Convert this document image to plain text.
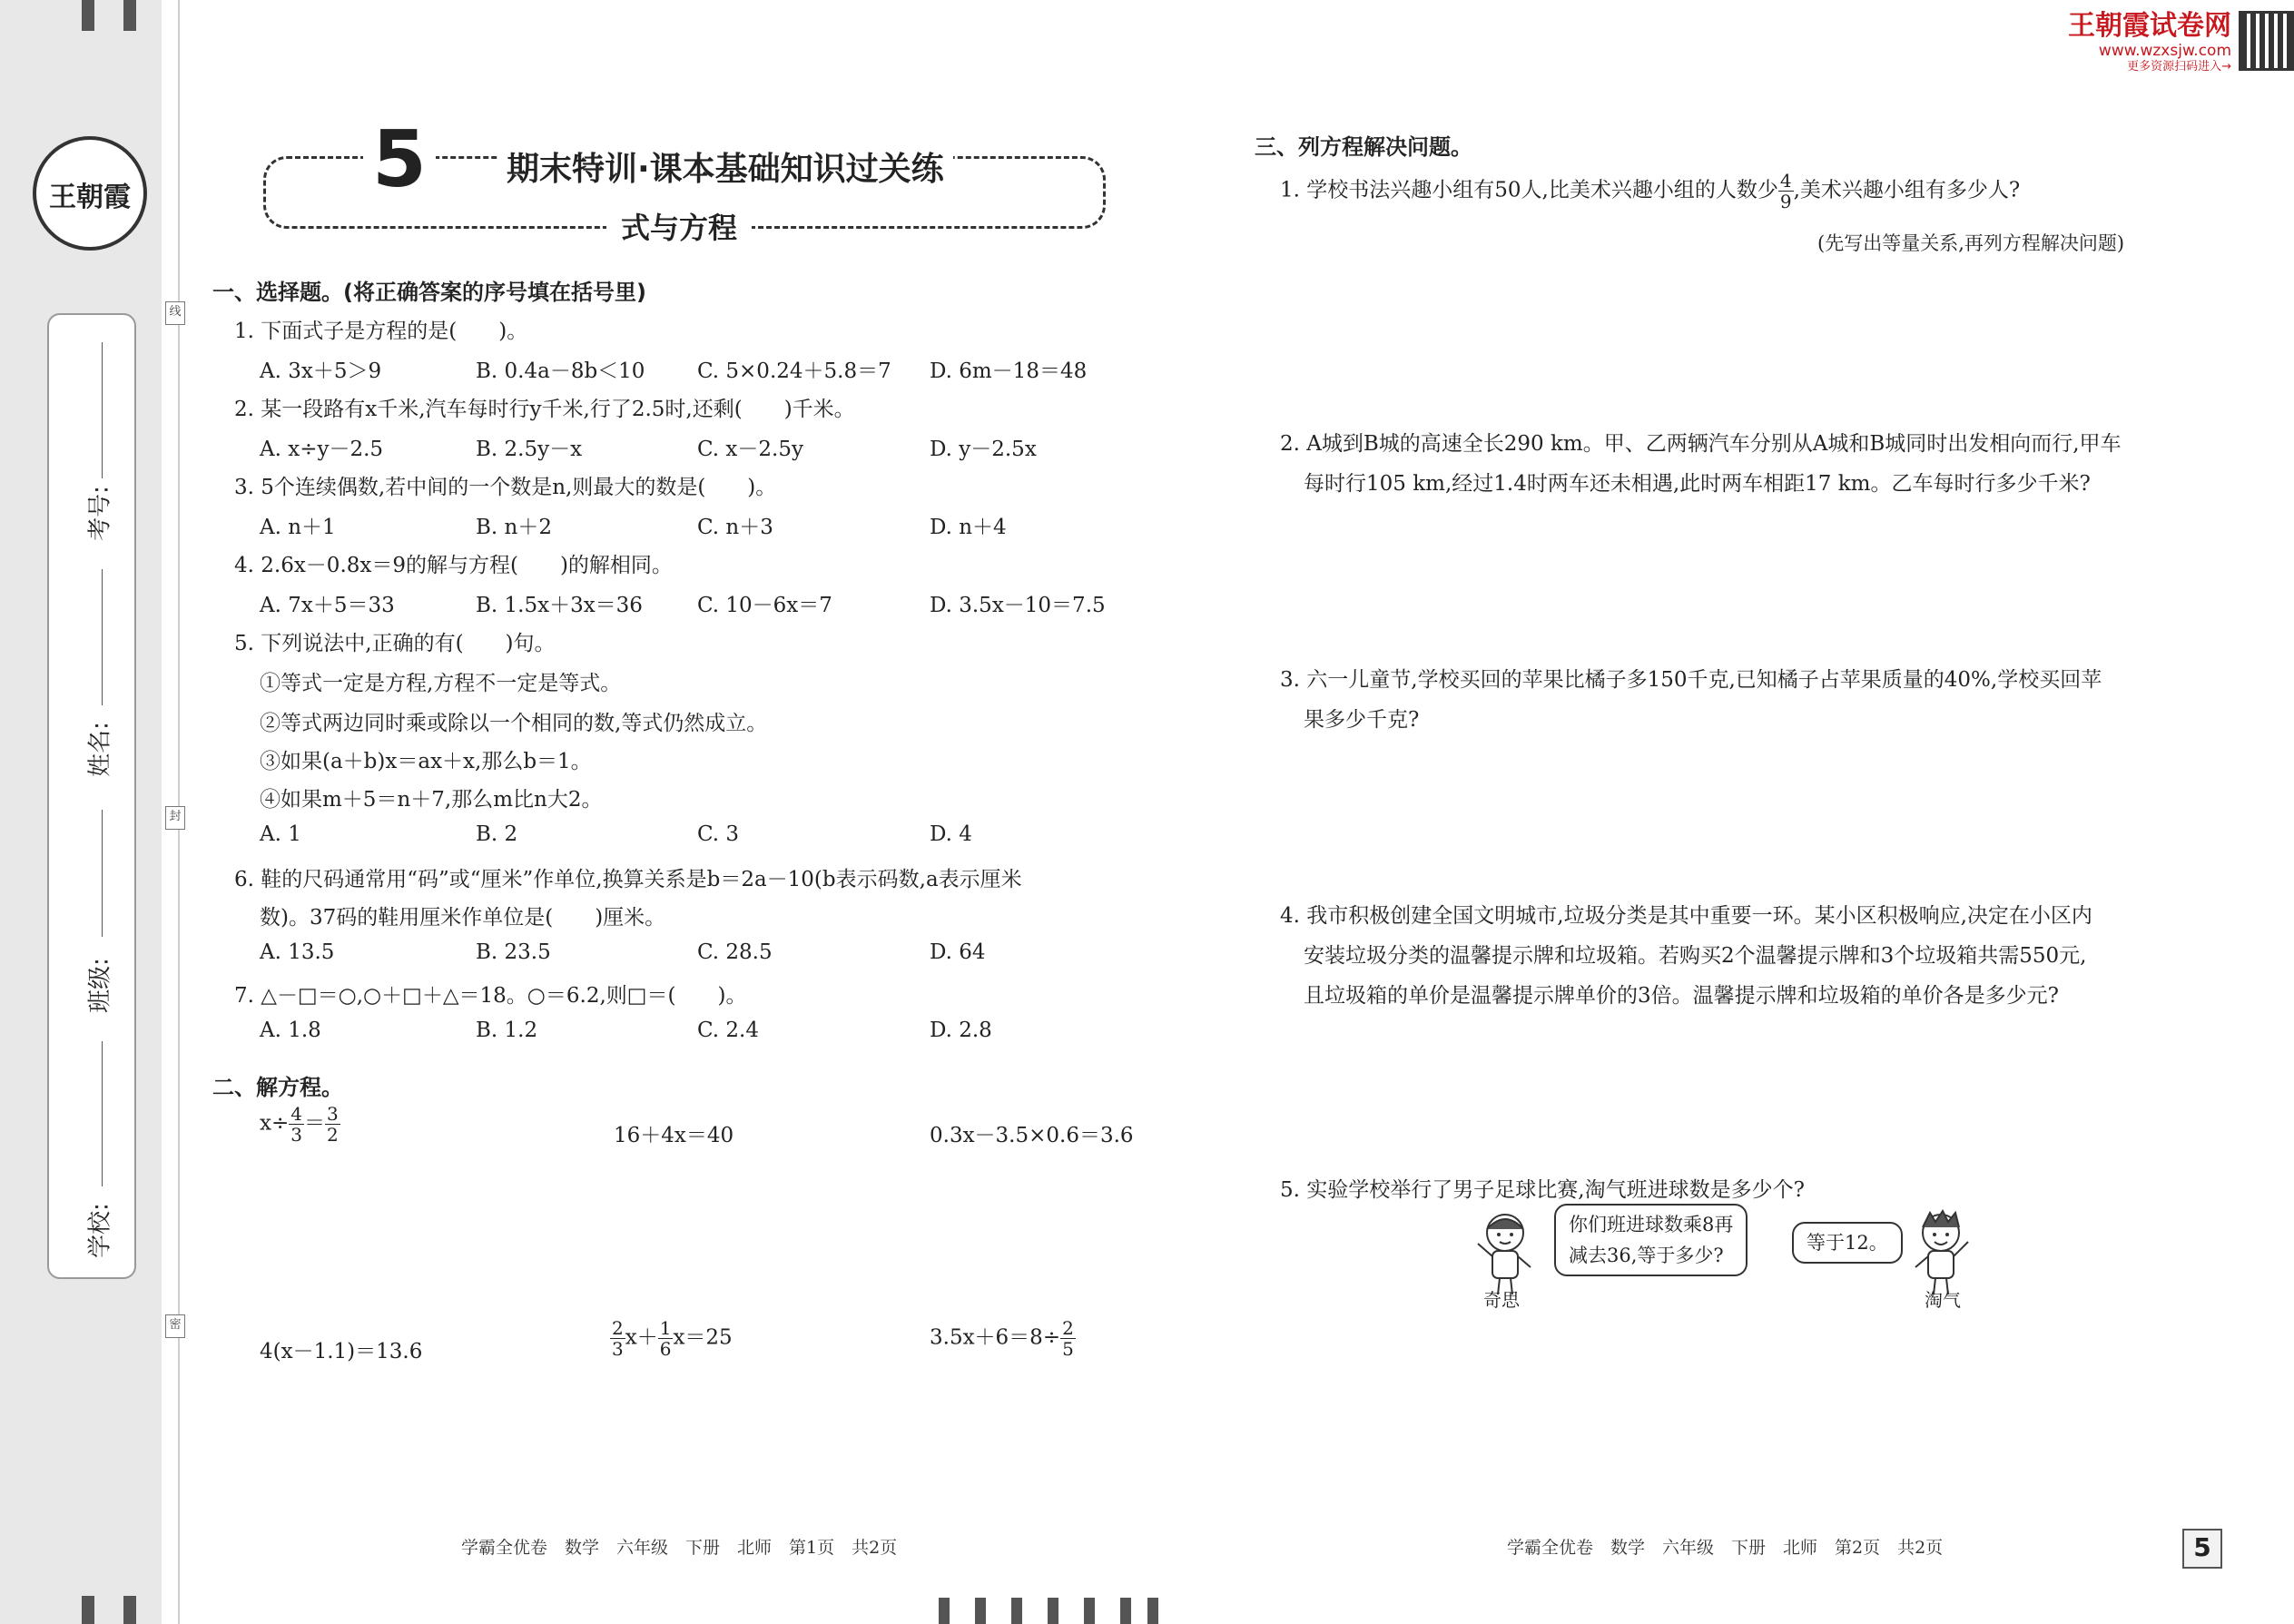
王朝霞
考号:
姓名:
班级:
学校:
线
封
密
王朝霞试卷网
www.wzxsjw.com
更多资源扫码进入→
5 期末特训·课本基础知识过关练
式与方程
一、选择题。(将正确答案的序号填在括号里)
1. 下面式子是方程的是(　　)。
A. 3x＋5＞9	B. 0.4a－8b＜10	C. 5×0.24＋5.8＝7 D. 6m－18＝48
2. 某一段路有x千米,汽车每时行y千米,行了2.5时,还剩(　　)千米。
A. x÷y－2.5	B. 2.5y－x	C. x－2.5y	D. y－2.5x
3. 5个连续偶数,若中间的一个数是n,则最大的数是(　　)。
A. n＋1	B. n＋2	C. n＋3	D. n＋4
4. 2.6x－0.8x＝9的解与方程(　　)的解相同。
A. 7x＋5＝33	B. 1.5x＋3x＝36	C. 10－6x＝7	D. 3.5x－10＝7.5
5. 下列说法中,正确的有(　　)句。
①等式一定是方程,方程不一定是等式。
②等式两边同时乘或除以一个相同的数,等式仍然成立。
③如果(a＋b)x＝ax＋x,那么b＝1。
④如果m＋5＝n＋7,那么m比n大2。
A. 1	B. 2	C. 3	D. 4
6. 鞋的尺码通常用“码”或“厘米”作单位,换算关系是b＝2a－10(b表示码数,a表示厘米
数)。37码的鞋用厘米作单位是(　　)厘米。
A. 13.5	B. 23.5	C. 28.5	D. 64
7. △－□＝○,○＋□＋△＝18。○＝6.2,则□＝(　　)。
A. 1.8	B. 1.2	C. 2.4	D. 2.8
二、解方程。
$x\div \frac{4}{3} = \frac{3}{2}$	16＋4x＝40	0.3x－3.5×0.6＝3.6
4(x－1.1)＝13.6	$\frac{2}{3} x+ \frac{1}{6} x=25$	$3.5x+6=8\div \frac{2}{5}$
三、列方程解决问题。
1. 学校书法兴趣小组有50人,比美术兴趣小组的人数少 $\frac{4}{9}$ ,美术兴趣小组有多少人?
(先写出等量关系,再列方程解决问题)
2. A城到B城的高速全长290 km。甲、乙两辆汽车分别从A城和B城同时出发相向而行,甲车
每时行105 km,经过1.4时两车还未相遇,此时两车相距17 km。乙车每时行多少千米?
3. 六一儿童节,学校买回的苹果比橘子多150千克,已知橘子占苹果质量的40%,学校买回苹
果多少千克?
4. 我市积极创建全国文明城市,垃圾分类是其中重要一环。某小区积极响应,决定在小区内
安装垃圾分类的温馨提示牌和垃圾箱。若购买2个温馨提示牌和3个垃圾箱共需550元,
且垃圾箱的单价是温馨提示牌单价的3倍。温馨提示牌和垃圾箱的单价各是多少元?
5. 实验学校举行了男子足球比赛,淘气班进球数是多少个?
奇思
你们班进球数乘8再
减去36,等于多少?
等于12。
淘气
学霸全优卷　数学　六年级　下册　北师　第1页　共2页	学霸全优卷　数学　六年级　下册　北师　第2页　共2页	5
